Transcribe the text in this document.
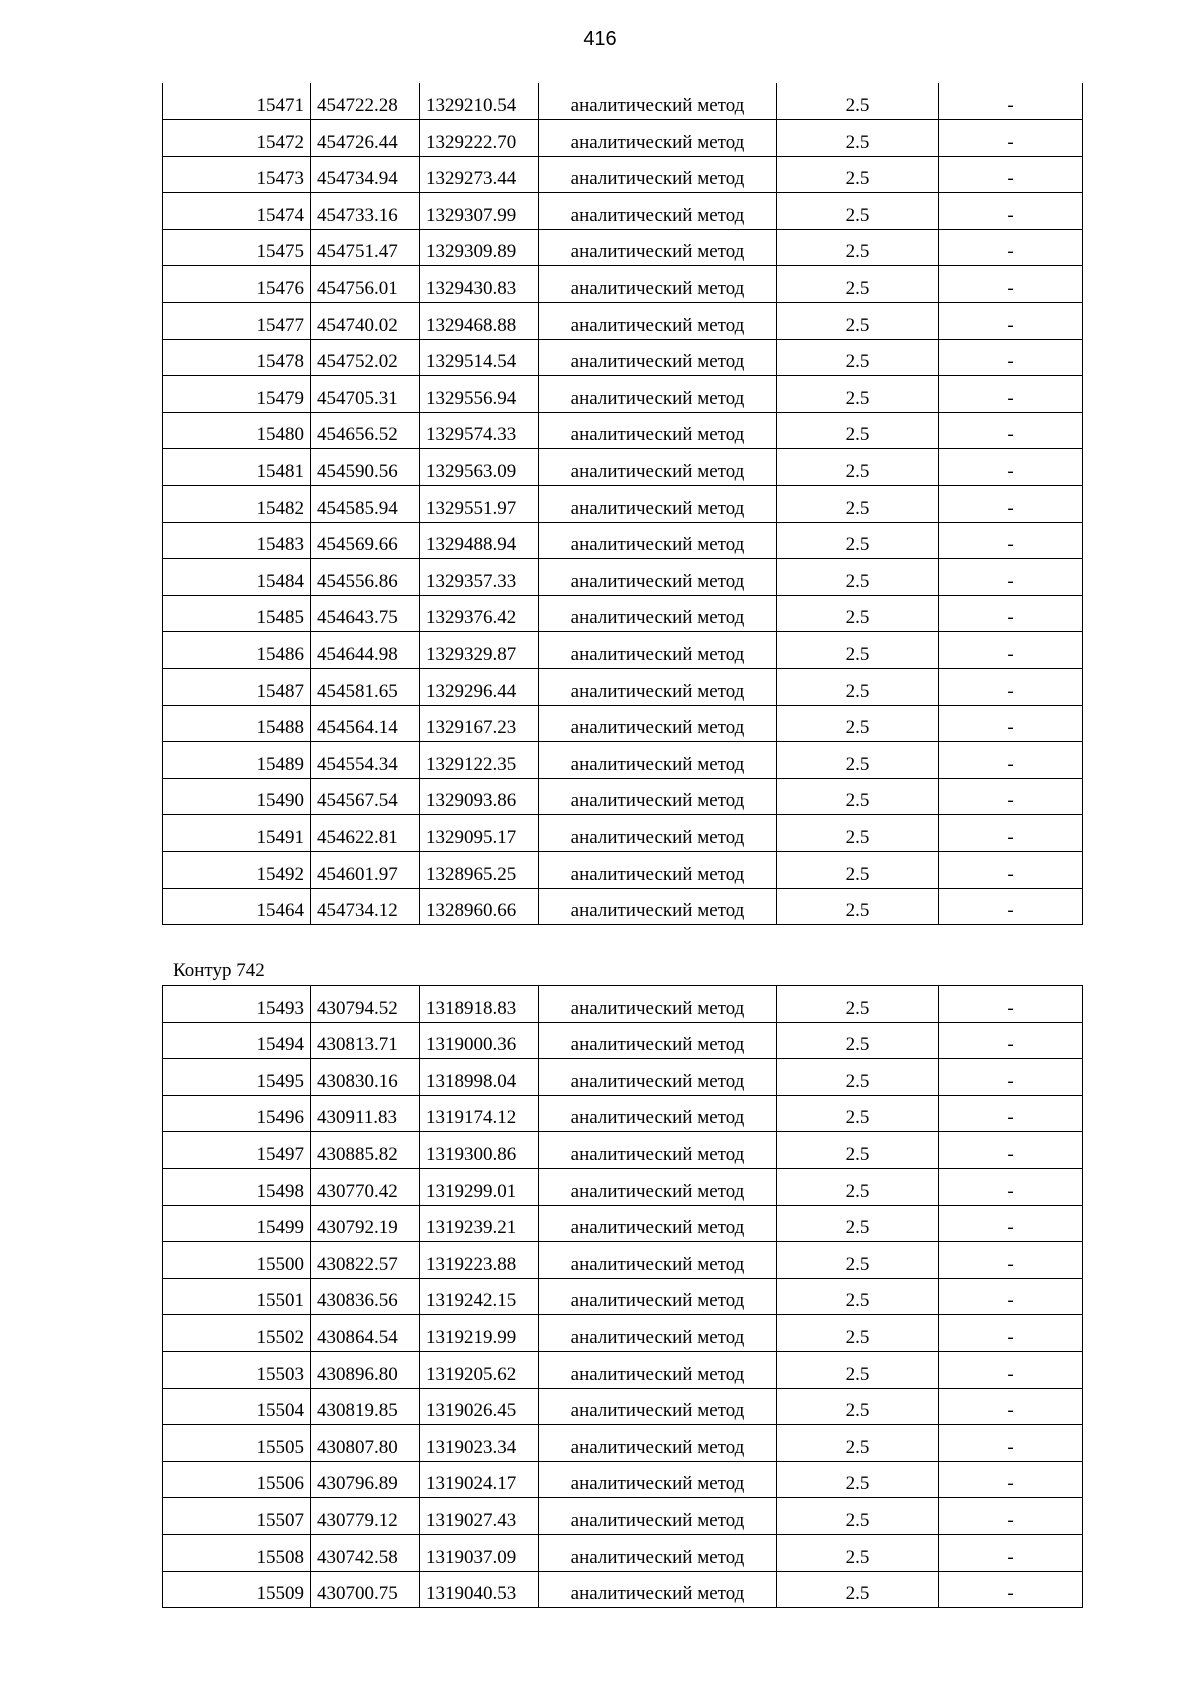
416
15471	454722.28	1329210.54	аналитический метод	2.5	-
15472	454726.44	1329222.70	аналитический метод	2.5	-
15473	454734.94	1329273.44	аналитический метод	2.5	-
15474	454733.16	1329307.99	аналитический метод	2.5	-
15475	454751.47	1329309.89	аналитический метод	2.5	-
15476	454756.01	1329430.83	аналитический метод	2.5	-
15477	454740.02	1329468.88	аналитический метод	2.5	-
15478	454752.02	1329514.54	аналитический метод	2.5	-
15479	454705.31	1329556.94	аналитический метод	2.5	-
15480	454656.52	1329574.33	аналитический метод	2.5	-
15481	454590.56	1329563.09	аналитический метод	2.5	-
15482	454585.94	1329551.97	аналитический метод	2.5	-
15483	454569.66	1329488.94	аналитический метод	2.5	-
15484	454556.86	1329357.33	аналитический метод	2.5	-
15485	454643.75	1329376.42	аналитический метод	2.5	-
15486	454644.98	1329329.87	аналитический метод	2.5	-
15487	454581.65	1329296.44	аналитический метод	2.5	-
15488	454564.14	1329167.23	аналитический метод	2.5	-
15489	454554.34	1329122.35	аналитический метод	2.5	-
15490	454567.54	1329093.86	аналитический метод	2.5	-
15491	454622.81	1329095.17	аналитический метод	2.5	-
15492	454601.97	1328965.25	аналитический метод	2.5	-
15464	454734.12	1328960.66	аналитический метод	2.5	-
Контур 742
15493	430794.52	1318918.83	аналитический метод	2.5	-
15494	430813.71	1319000.36	аналитический метод	2.5	-
15495	430830.16	1318998.04	аналитический метод	2.5	-
15496	430911.83	1319174.12	аналитический метод	2.5	-
15497	430885.82	1319300.86	аналитический метод	2.5	-
15498	430770.42	1319299.01	аналитический метод	2.5	-
15499	430792.19	1319239.21	аналитический метод	2.5	-
15500	430822.57	1319223.88	аналитический метод	2.5	-
15501	430836.56	1319242.15	аналитический метод	2.5	-
15502	430864.54	1319219.99	аналитический метод	2.5	-
15503	430896.80	1319205.62	аналитический метод	2.5	-
15504	430819.85	1319026.45	аналитический метод	2.5	-
15505	430807.80	1319023.34	аналитический метод	2.5	-
15506	430796.89	1319024.17	аналитический метод	2.5	-
15507	430779.12	1319027.43	аналитический метод	2.5	-
15508	430742.58	1319037.09	аналитический метод	2.5	-
15509	430700.75	1319040.53	аналитический метод	2.5	-
